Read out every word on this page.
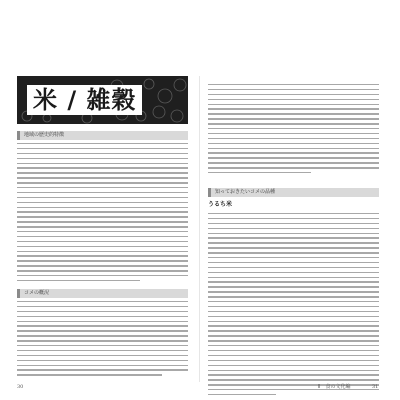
米 / 雑穀
地域の歴史的特徴
コメの概況
30
知っておきたいコメの品種
うるち米
Ⅱ　食の文化編	31
